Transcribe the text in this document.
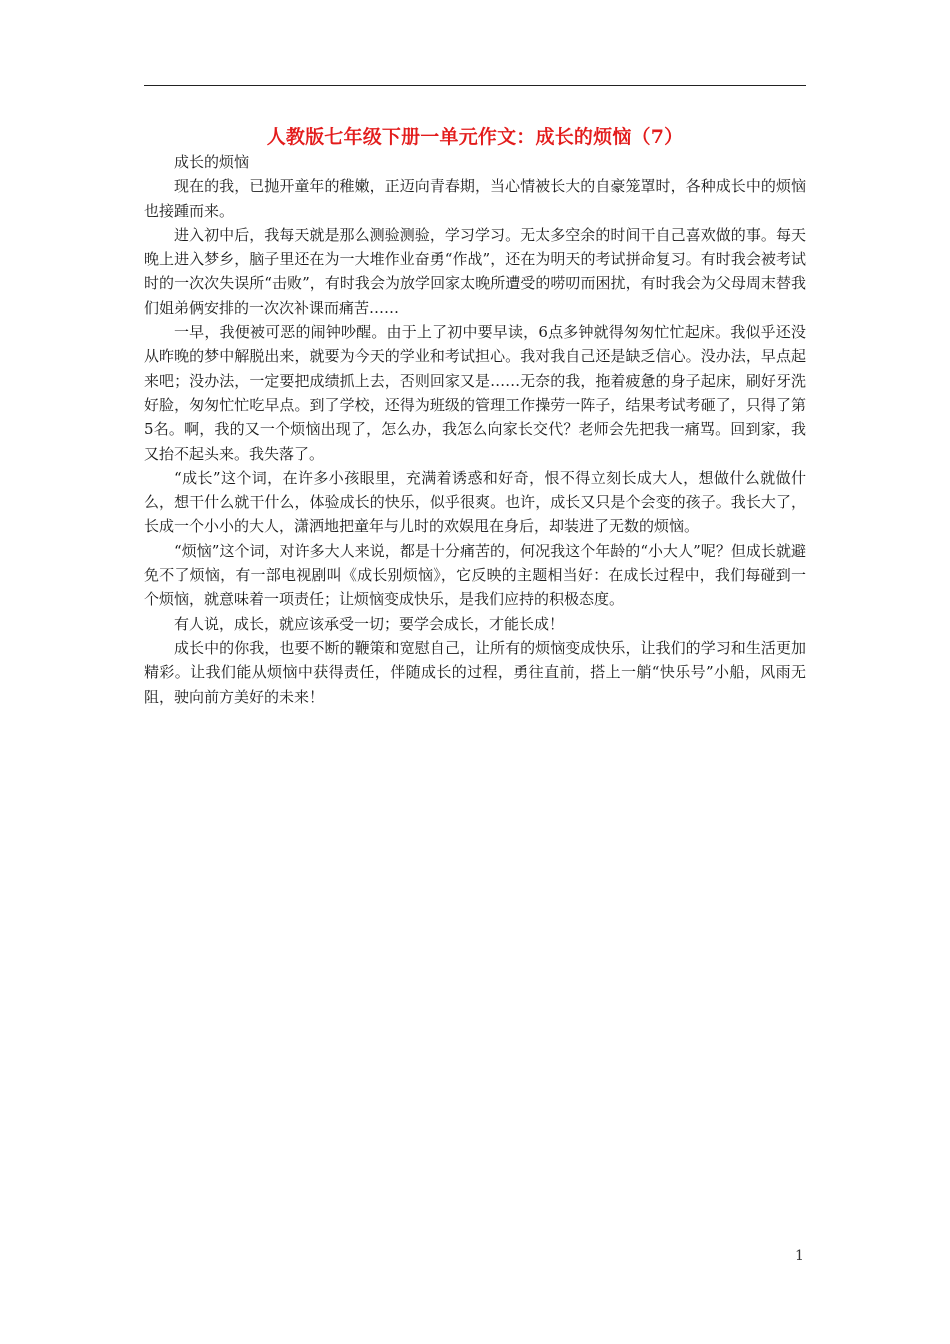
人教版七年级下册一单元作文：成长的烦恼（7）

成长的烦恼

现在的我，已抛开童年的稚嫩，正迈向青春期，当心情被长大的自豪笼罩时，各种成长中的烦恼也接踵而来。

进入初中后，我每天就是那么测验测验，学习学习。无太多空余的时间干自己喜欢做的事。每天晚上进入梦乡，脑子里还在为一大堆作业奋勇“作战”，还在为明天的考试拼命复习。有时我会被考试时的一次次失误所“击败”，有时我会为放学回家太晚所遭受的唠叨而困扰，有时我会为父母周末替我们姐弟俩安排的一次次补课而痛苦……

一早，我便被可恶的闹钟吵醒。由于上了初中要早读，6点多钟就得匆匆忙忙起床。我似乎还没从昨晚的梦中解脱出来，就要为今天的学业和考试担心。我对我自己还是缺乏信心。没办法，早点起来吧；没办法，一定要把成绩抓上去，否则回家又是……无奈的我，拖着疲惫的身子起床，刷好牙洗好脸，匆匆忙忙吃早点。到了学校，还得为班级的管理工作操劳一阵子，结果考试考砸了，只得了第5名。啊，我的又一个烦恼出现了，怎么办，我怎么向家长交代？老师会先把我一痛骂。回到家，我又抬不起头来。我失落了。

“成长”这个词，在许多小孩眼里，充满着诱惑和好奇，恨不得立刻长成大人，想做什么就做什么，想干什么就干什么，体验成长的快乐，似乎很爽。也许，成长又只是个会变的孩子。我长大了，长成一个小小的大人，潇洒地把童年与儿时的欢娱甩在身后，却装进了无数的烦恼。

“烦恼”这个词，对许多大人来说，都是十分痛苦的，何况我这个年龄的“小大人”呢？但成长就避免不了烦恼，有一部电视剧叫《成长别烦恼》，它反映的主题相当好：在成长过程中，我们每碰到一个烦恼，就意味着一项责任；让烦恼变成快乐，是我们应持的积极态度。

有人说，成长，就应该承受一切；要学会成长，才能长成！

成长中的你我，也要不断的鞭策和宽慰自己，让所有的烦恼变成快乐，让我们的学习和生活更加精彩。让我们能从烦恼中获得责任，伴随成长的过程，勇往直前，搭上一艄“快乐号”小船，风雨无阻，驶向前方美好的未来！

1
